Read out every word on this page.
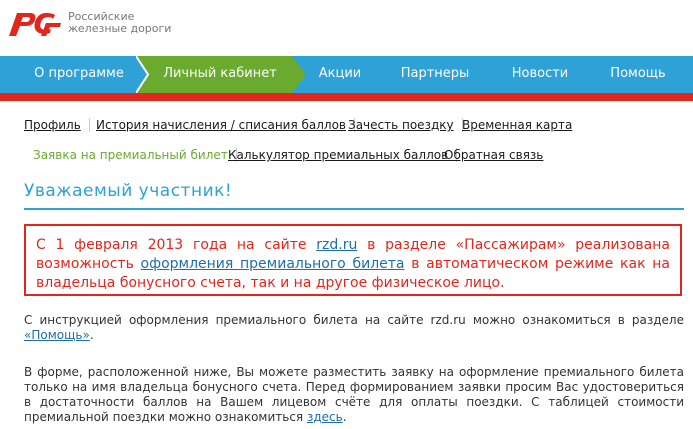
Российские
железные дороги
О программе	Личный кабинет	Акции	Партнеры	Новости	Помощь
Профиль	История начисления / списания баллов Зачесть поездку Временная карта
Заявка на премиальный билет Калькулятор премиальных баллов
Обратная связь
Уважаемый участник!
С 1 февраля 2013 года на сайте rzd.ru в разделе «Пассажирам» реализована возможность оформления премиального билета в автоматическом режиме как на владельца бонусного счета, так и на другое физическое лицо.
С инструкцией оформления премиального билета на сайте rzd.ru можно ознакомиться в разделе «Помощь».
В форме, расположенной ниже, Вы можете разместить заявку на оформление премиального билета только на имя владельца бонусного счета. Перед формированием заявки просим Вас удостовериться в достаточности баллов на Вашем лицевом счёте для оплаты поездки. С таблицей стоимости премиальной поездки можно ознакомиться здесь.
